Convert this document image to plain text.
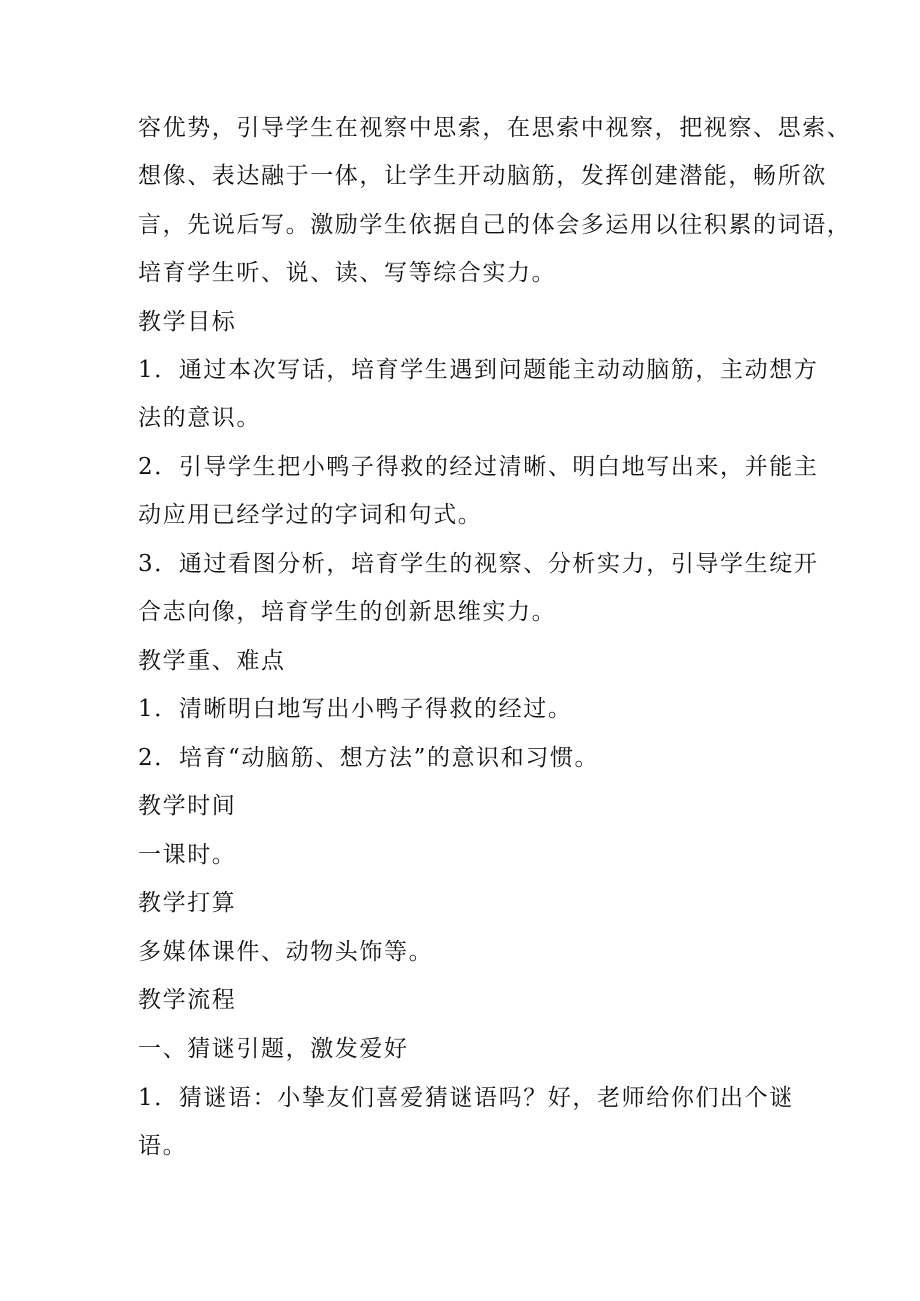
容优势，引导学生在视察中思索，在思索中视察，把视察、思索、
想像、表达融于一体，让学生开动脑筋，发挥创建潜能，畅所欲
言，先说后写。激励学生依据自己的体会多运用以往积累的词语，
培育学生听、说、读、写等综合实力。
教学目标
1．通过本次写话，培育学生遇到问题能主动动脑筋，主动想方
法的意识。
2．引导学生把小鸭子得救的经过清晰、明白地写出来，并能主
动应用已经学过的字词和句式。
3．通过看图分析，培育学生的视察、分析实力，引导学生绽开
合志向像，培育学生的创新思维实力。
教学重、难点
1．清晰明白地写出小鸭子得救的经过。
2．培育“动脑筋、想方法”的意识和习惯。
教学时间
一课时。
教学打算
多媒体课件、动物头饰等。
教学流程
一、猜谜引题，激发爱好
1．猜谜语：小挚友们喜爱猜谜语吗？好，老师给你们出个谜
语。
